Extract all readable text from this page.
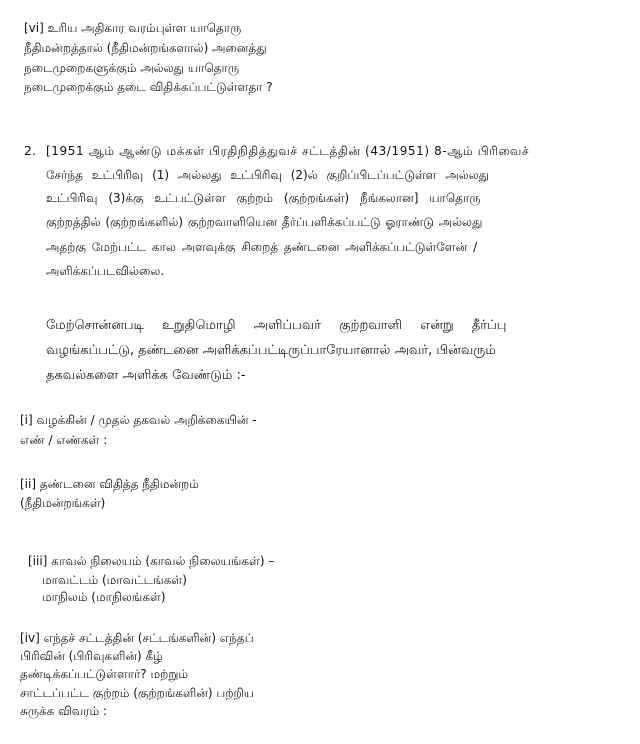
[vi] உரிய அதிகார வரம்புள்ள யாதொரு
நீதிமன்றத்தால் (நீதிமன்றங்களால்) அனைத்து
நடைமுறைகளுக்கும் அல்லது யாதொரு
நடைமுறைக்கும் தடை விதிக்கப்பட்டுள்ளதா ?
2. [1951 ஆம் ஆண்டு மக்கள் பிரதிநிதித்துவச் சட்டத்தின் (43/1951) 8-ஆம் பிரிவைச்
சேர்ந்த உட்பிரிவு (1) அல்லது உட்பிரிவு (2)ல் குறிப்பிடப்பட்டுள்ள அல்லது
உட்பிரிவு (3)க்கு உட்பட்டுள்ள குற்றம் (குற்றங்கள்) நீங்கலான] யாதொரு
குற்றத்தில் (குற்றங்களில்) குற்றவாளியென தீர்ப்பளிக்கப்பட்டு ஓராண்டு அல்லது
அதற்கு மேற்பட்ட கால அளவுக்கு சிறைத் தண்டனை அளிக்கப்பட்டுள்ளேன் /
அளிக்கப்படவில்லை.
மேற்சொன்னபடி உறுதிமொழி அளிப்பவர் குற்றவாளி என்று தீர்ப்பு
வழங்கப்பட்டு, தண்டனை அளிக்கப்பட்டிருப்பாரேயானால் அவர், பின்வரும்
தகவல்களை அளிக்க வேண்டும் :-
[i] வழக்கின் / முதல் தகவல் அறிக்கையின் -
எண் / எண்கள் :
[ii] தண்டனை விதித்த நீதிமன்றம்
(நீதிமன்றங்கள்)
[iii] காவல் நிலையம் (காவல் நிலையங்கள்) –
மாவட்டம் (மாவட்டங்கள்)
மாநிலம் (மாநிலங்கள்)
[iv] எந்தச் சட்டத்தின் (சட்டங்களின்) எந்தப்
பிரிவின் (பிரிவுகளின்) கீழ்
தண்டிக்கப்பட்டுள்ளார்? மற்றும்
சாட்டப்பட்ட குற்றம் (குற்றங்களின்) பற்றிய
சுருக்க விவரம் :
